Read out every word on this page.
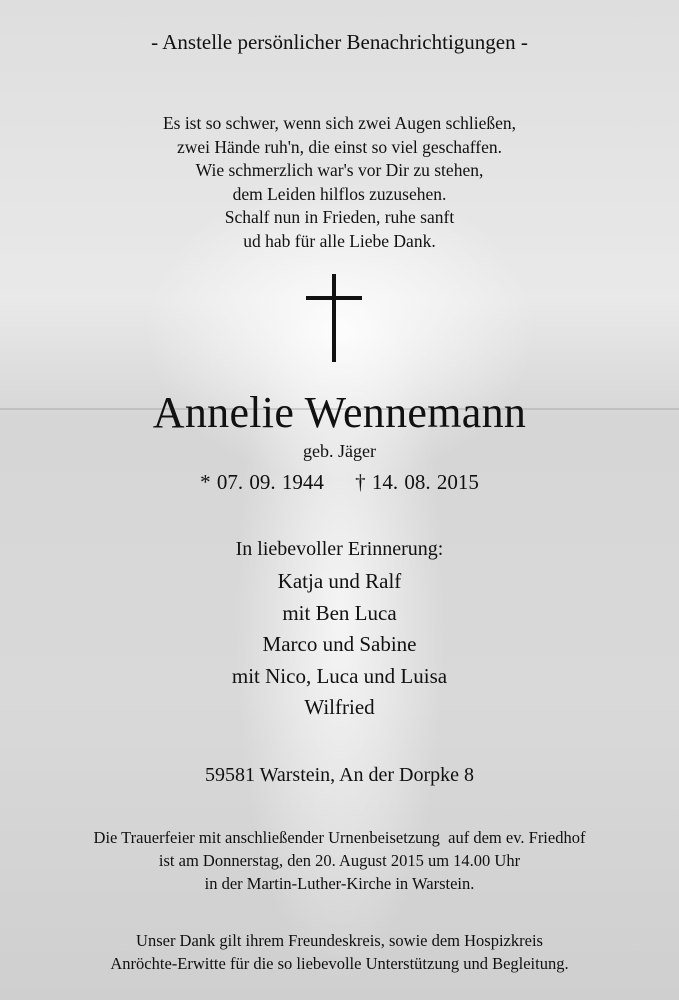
- Anstelle persönlicher Benachrichtigungen -

Es ist so schwer, wenn sich zwei Augen schließen,
zwei Hände ruh'n, die einst so viel geschaffen.
Wie schmerzlich war's vor Dir zu stehen,
dem Leiden hilflos zuzusehen.
Schalf nun in Frieden, ruhe sanft
ud hab für alle Liebe Dank.

Annelie Wennemann

geb. Jäger

* 07. 09. 1944 † 14. 08. 2015

In liebevoller Erinnerung:

Katja und Ralf
mit Ben Luca
Marco und Sabine
mit Nico, Luca und Luisa
Wilfried

59581 Warstein, An der Dorpke 8

Die Trauerfeier mit anschließender Urnenbeisetzung  auf dem ev. Friedhof
ist am Donnerstag, den 20. August 2015 um 14.00 Uhr
in der Martin-Luther-Kirche in Warstein.
Unser Dank gilt ihrem Freundeskreis, sowie dem Hospizkreis
Anröchte-Erwitte für die so liebevolle Unterstützung und Begleitung.
